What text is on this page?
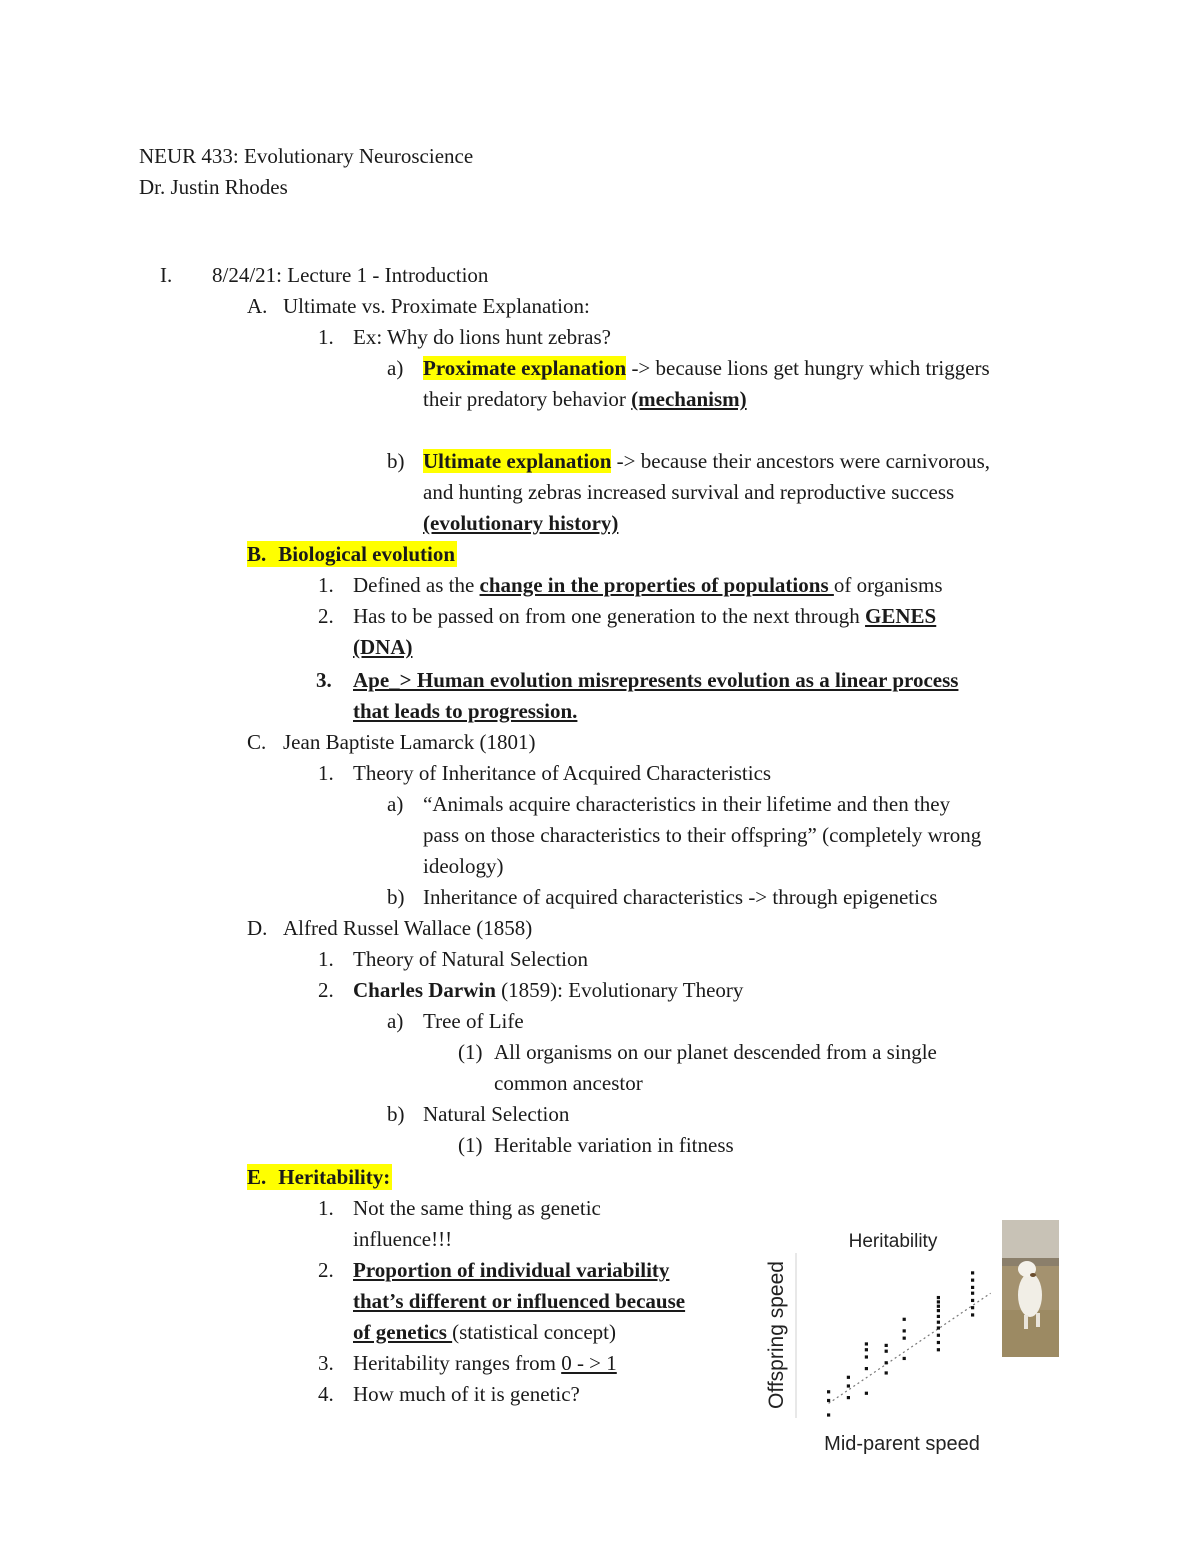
NEUR 433: Evolutionary Neuroscience
Dr. Justin Rhodes
I. 8/24/21: Lecture 1 - Introduction
A. Ultimate vs. Proximate Explanation:
1. Ex: Why do lions hunt zebras?
a) Proximate explanation -> because lions get hungry which triggers
their predatory behavior (mechanism)
b) Ultimate explanation -> because their ancestors were carnivorous,
and hunting zebras increased survival and reproductive success
(evolutionary history)
B. Biological evolution
1. Defined as the change in the properties of populations of organisms
2. Has to be passed on from one generation to the next through GENES
(DNA)
3. Ape_> Human evolution misrepresents evolution as a linear process
that leads to progression.
C. Jean Baptiste Lamarck (1801)
1. Theory of Inheritance of Acquired Characteristics
a) “Animals acquire characteristics in their lifetime and then they
pass on those characteristics to their offspring” (completely wrong
ideology)
b) Inheritance of acquired characteristics -> through epigenetics
D. Alfred Russel Wallace (1858)
1. Theory of Natural Selection
2. Charles Darwin (1859): Evolutionary Theory
a) Tree of Life
(1) All organisms on our planet descended from a single
common ancestor
b) Natural Selection
(1) Heritable variation in fitness
E. Heritability:
1. Not the same thing as genetic
influence!!!
2. Proportion of individual variability
that’s different or influenced because
of genetics (statistical concept)
3. Heritability ranges from 0 - > 1
4. How much of it is genetic?
Heritability
Offspring speed
Mid-parent speed
